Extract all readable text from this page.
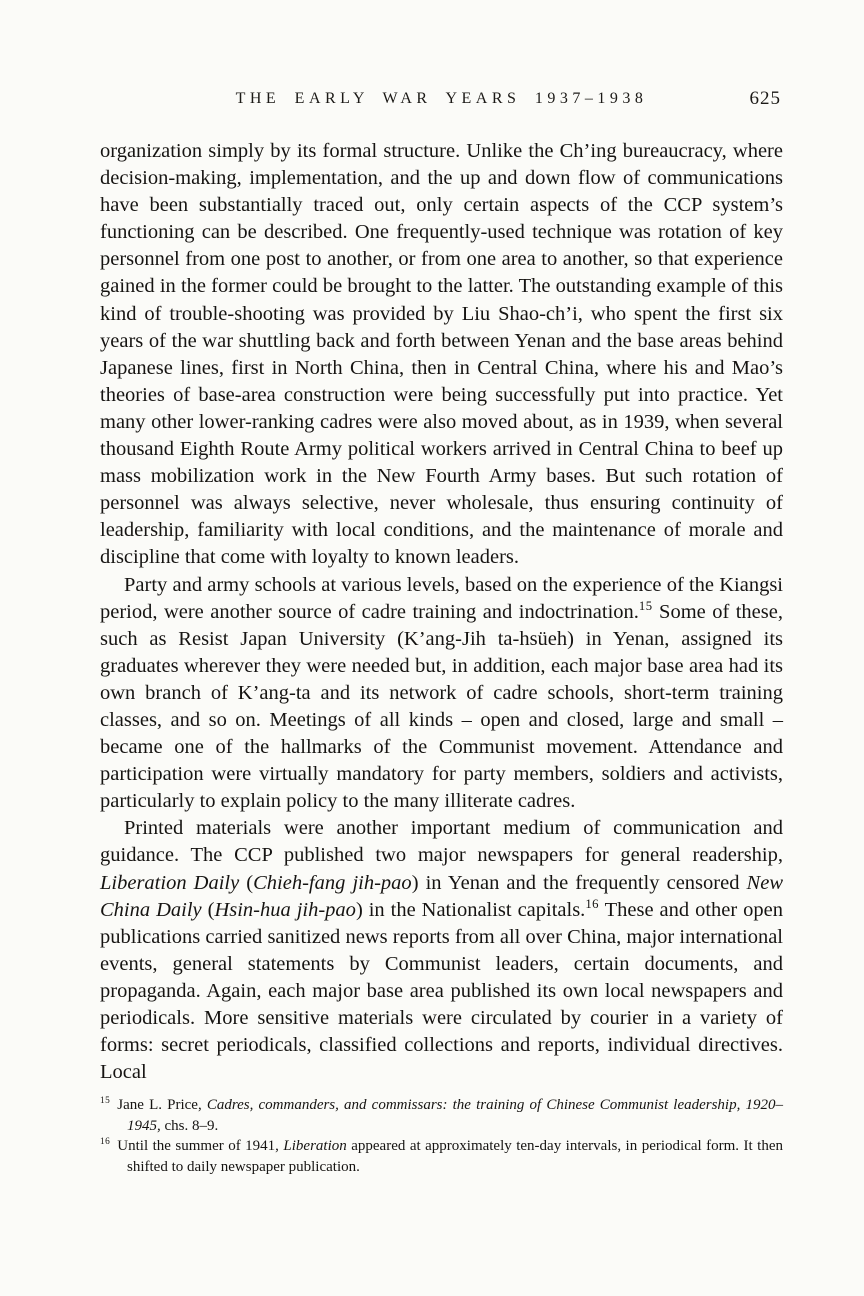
THE EARLY WAR YEARS 1937–1938	625

organization simply by its formal structure. Unlike the Ch’ing bureaucracy, where decision-making, implementation, and the up and down flow of communications have been substantially traced out, only certain aspects of the CCP system’s functioning can be described. One frequently-used technique was rotation of key personnel from one post to another, or from one area to another, so that experience gained in the former could be brought to the latter. The outstanding example of this kind of trouble-shooting was provided by Liu Shao-ch’i, who spent the first six years of the war shuttling back and forth between Yenan and the base areas behind Japanese lines, first in North China, then in Central China, where his and Mao’s theories of base-area construction were being successfully put into practice. Yet many other lower-ranking cadres were also moved about, as in 1939, when several thousand Eighth Route Army political workers arrived in Central China to beef up mass mobilization work in the New Fourth Army bases. But such rotation of personnel was always selective, never wholesale, thus ensuring continuity of leadership, familiarity with local conditions, and the maintenance of morale and discipline that come with loyalty to known leaders.

Party and army schools at various levels, based on the experience of the Kiangsi period, were another source of cadre training and indoctrination.$^{15}$ Some of these, such as Resist Japan University (K’ang-Jih ta-hsüeh) in Yenan, assigned its graduates wherever they were needed but, in addition, each major base area had its own branch of K’ang-ta and its network of cadre schools, short-term training classes, and so on. Meetings of all kinds – open and closed, large and small – became one of the hallmarks of the Communist movement. Attendance and participation were virtually mandatory for party members, soldiers and activists, particularly to explain policy to the many illiterate cadres.

Printed materials were another important medium of communication and guidance. The CCP published two major newspapers for general readership, Liberation Daily (Chieh-fang jih-pao) in Yenan and the frequently censored New China Daily (Hsin-hua jih-pao) in the Nationalist capitals.$^{16}$ These and other open publications carried sanitized news reports from all over China, major international events, general statements by Communist leaders, certain documents, and propaganda. Again, each major base area published its own local newspapers and periodicals. More sensitive materials were circulated by courier in a variety of forms: secret periodicals, classified collections and reports, individual directives. Local

$^{15}$ Jane L. Price, Cadres, commanders, and commissars: the training of Chinese Communist leadership, 1920–1945, chs. 8–9.

$^{16}$ Until the summer of 1941, Liberation appeared at approximately ten-day intervals, in periodical form. It then shifted to daily newspaper publication.
